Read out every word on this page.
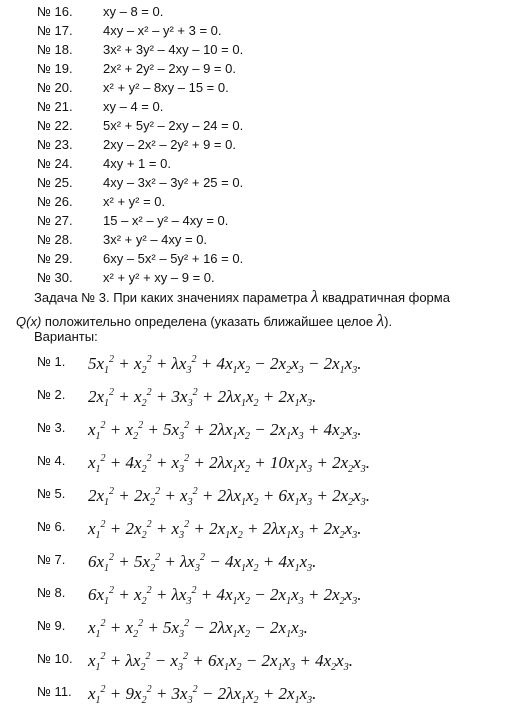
№ 16. xy – 8 = 0.
№ 17. 4xy – x² – y² + 3 = 0.
№ 18. 3x² + 3y² – 4xy – 10 = 0.
№ 19. 2x² + 2y² – 2xy – 9 = 0.
№ 20. x² + y² – 8xy – 15 = 0.
№ 21. xy – 4 = 0.
№ 22. 5x² + 5y² – 2xy – 24 = 0.
№ 23. 2xy – 2x² – 2y² + 9 = 0.
№ 24. 4xy + 1 = 0.
№ 25. 4xy – 3x² – 3y² + 25 = 0.
№ 26. x² + y² = 0.
№ 27. 15 – x² – y² – 4xy = 0.
№ 28. 3x² + y² – 4xy = 0.
№ 29. 6xy – 5x² – 5y² + 16 = 0.
№ 30. x² + y² + xy – 9 = 0.
Задача № 3. При каких значениях параметра λ квадратичная форма
Q(x) положительно определена (указать ближайшее целое λ).
Варианты:
№ 1. $5x_1^2 + x_2^2 + \lambda x_3^2 + 4x_1x_2 - 2x_2x_3 - 2x_1x_3$.
№ 2. $2x_1^2 + x_2^2 + 3x_3^2 + 2\lambda x_1x_2 + 2x_1x_3$.
№ 3. $x_1^2 + x_2^2 + 5x_3^2 + 2\lambda x_1x_2 - 2x_1x_3 + 4x_2x_3$.
№ 4. $x_1^2 + 4x_2^2 + x_3^2 + 2\lambda x_1x_2 + 10x_1x_3 + 2x_2x_3$.
№ 5. $2x_1^2 + 2x_2^2 + x_3^2 + 2\lambda x_1x_2 + 6x_1x_3 + 2x_2x_3$.
№ 6. $x_1^2 + 2x_2^2 + x_3^2 + 2x_1x_2 + 2\lambda x_1x_3 + 2x_2x_3$.
№ 7. $6x_1^2 + 5x_2^2 + \lambda x_3^2 - 4x_1x_2 + 4x_1x_3$.
№ 8. $6x_1^2 + x_2^2 + \lambda x_3^2 + 4x_1x_2 - 2x_1x_3 + 2x_2x_3$.
№ 9. $x_1^2 + x_2^2 + 5x_3^2 - 2\lambda x_1x_2 - 2x_1x_3$.
№ 10. $x_1^2 + \lambda x_2^2 - x_3^2 + 6x_1x_2 - 2x_1x_3 + 4x_2x_3$.
№ 11. $x_1^2 + 9x_2^2 + 3x_3^2 - 2\lambda x_1x_2 + 2x_1x_3$.
